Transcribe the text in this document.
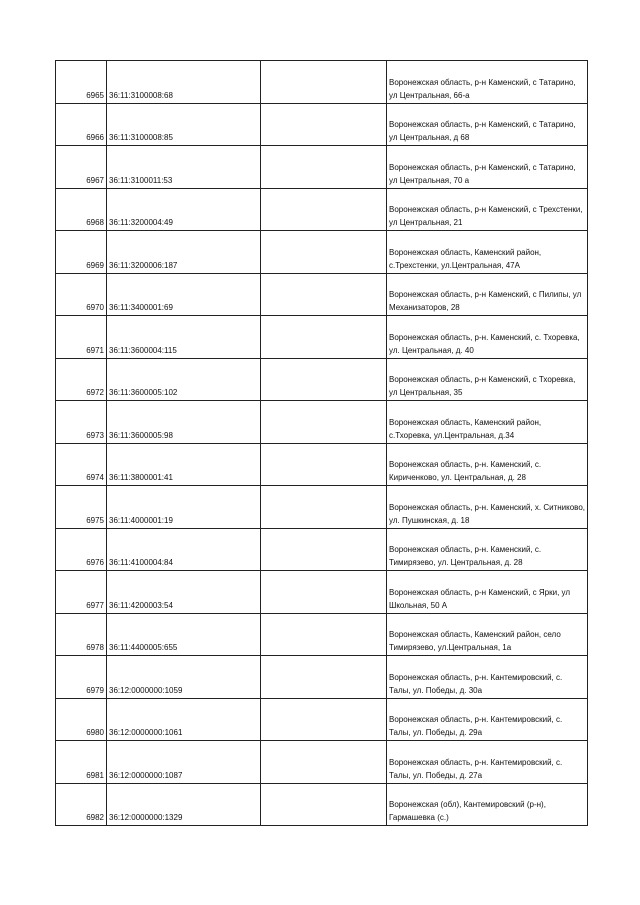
6965	36:11:3100008:68		Воронежская область, р-н Каменский, с Татарино, ул Центральная, 66-а
6966	36:11:3100008:85		Воронежская область, р-н Каменский, с Татарино, ул Центральная, д 68
6967	36:11:3100011:53		Воронежская область, р-н Каменский, с Татарино, ул Центральная, 70 а
6968	36:11:3200004:49		Воронежская область, р-н Каменский, с Трехстенки, ул Центральная, 21
6969	36:11:3200006:187		Воронежская область, Каменский район, с.Трехстенки, ул.Центральная, 47А
6970	36:11:3400001:69		Воронежская область, р-н Каменский, с Пилипы, ул Механизаторов, 28
6971	36:11:3600004:115		Воронежская область, р-н. Каменский, с. Тхоревка, ул. Центральная, д. 40
6972	36:11:3600005:102		Воронежская область, р-н Каменский, с Тхоревка, ул Центральная, 35
6973	36:11:3600005:98		Воронежская область, Каменский район, с.Тхоревка, ул.Центральная, д.34
6974	36:11:3800001:41		Воронежская область, р-н. Каменский, с. Кириченково, ул. Центральная, д. 28
6975	36:11:4000001:19		Воронежская область, р-н. Каменский, х. Ситниково, ул. Пушкинская, д. 18
6976	36:11:4100004:84		Воронежская область, р-н. Каменский, с. Тимирязево, ул. Центральная, д. 28
6977	36:11:4200003:54		Воронежская область, р-н Каменский, с Ярки, ул Школьная, 50 А
6978	36:11:4400005:655		Воронежская область, Каменский район, село Тимирязево, ул.Центральная, 1а
6979	36:12:0000000:1059		Воронежская область, р-н. Кантемировский, с. Талы, ул. Победы, д. 30а
6980	36:12:0000000:1061		Воронежская область, р-н. Кантемировский, с. Талы, ул. Победы, д. 29а
6981	36:12:0000000:1087		Воронежская область, р-н. Кантемировский, с. Талы, ул. Победы, д. 27а
6982	36:12:0000000:1329		Воронежская (обл), Кантемировский (р-н), Гармашевка (с.)
